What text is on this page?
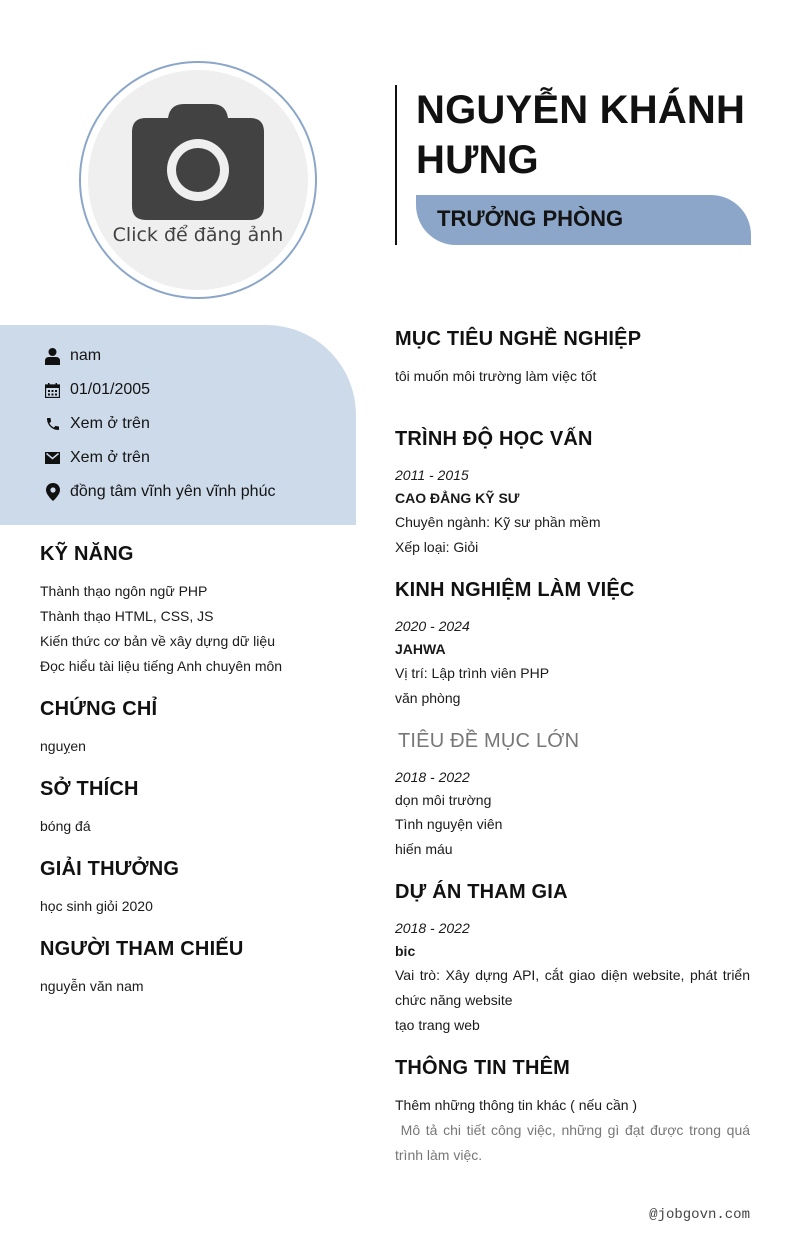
Click để đăng ảnh
NGUYỄN KHÁNH
HƯNG
TRƯỞNG PHÒNG
nam
01/01/2005
Xem ở trên
Xem ở trên
đồng tâm vĩnh yên vĩnh phúc
KỸ NĂNG
Thành thạo ngôn ngữ PHP
Thành thạo HTML, CSS, JS
Kiến thức cơ bản về xây dựng dữ liệu
Đọc hiểu tài liệu tiếng Anh chuyên môn
CHỨNG CHỈ
nguỵen
SỞ THÍCH
bóng đá
GIẢI THƯỞNG
học sinh giỏi 2020
NGƯỜI THAM CHIẾU
nguyễn văn nam
MỤC TIÊU NGHỀ NGHIỆP
tôi muốn môi trường làm việc tốt
TRÌNH ĐỘ HỌC VẤN
2011 - 2015
CAO ĐẲNG KỸ SƯ
Chuyên ngành: Kỹ sư phần mềm
Xếp loại: Giỏi
KINH NGHIỆM LÀM VIỆC
2020 - 2024
JAHWA
Vị trí: Lập trình viên PHP
văn phòng
TIÊU ĐỀ MỤC LỚN
2018 - 2022
dọn môi trường
Tình nguyện viên
hiến máu
DỰ ÁN THAM GIA
2018 - 2022
bic
Vai trò: Xây dựng API, cắt giao diện website, phát triển chức năng website
tạo trang web
THÔNG TIN THÊM
Thêm những thông tin khác ( nếu cần )
Mô tả chi tiết công việc, những gì đạt được trong quá trình làm việc.
@jobgovn.com
